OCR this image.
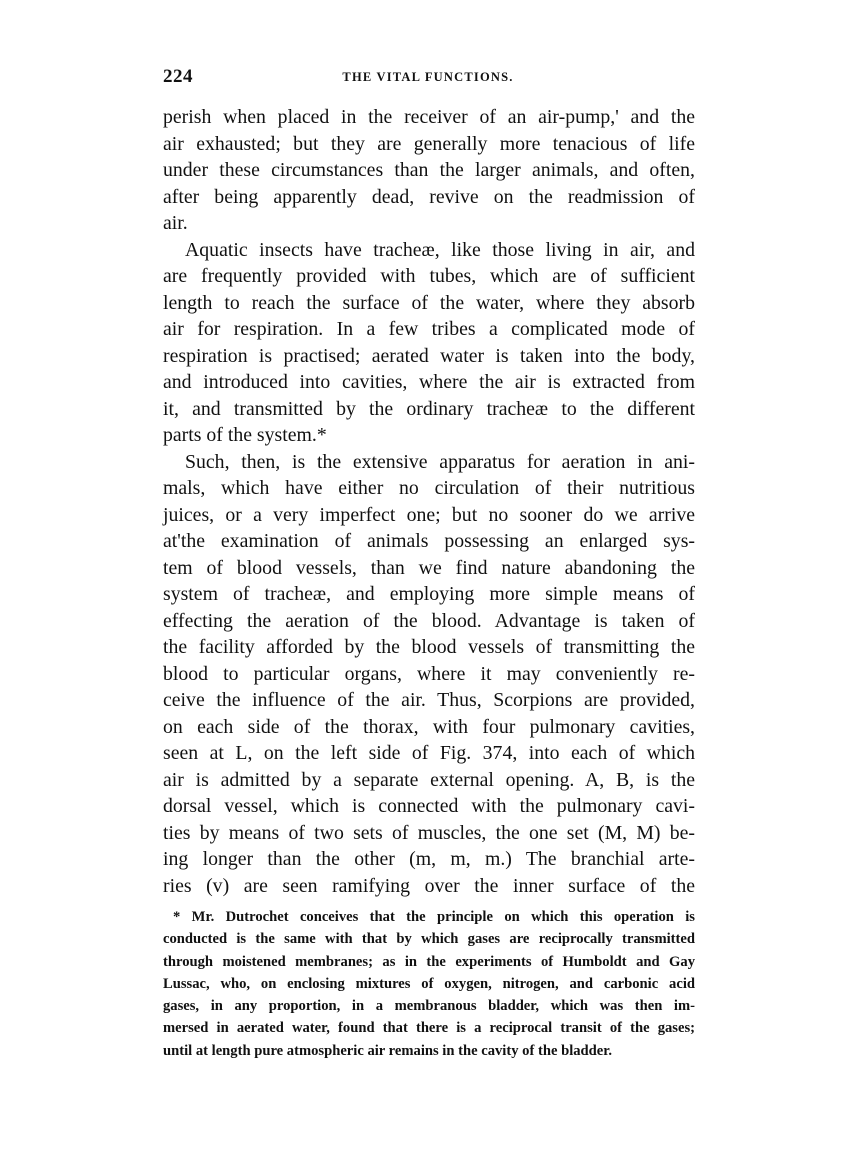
224	THE VITAL FUNCTIONS.
perish when placed in the receiver of an air-pump,' and the
air exhausted; but they are generally more tenacious of life
under these circumstances than the larger animals, and often,
after being apparently dead, revive on the readmission of
air.
Aquatic insects have tracheæ, like those living in air, and
are frequently provided with tubes, which are of sufficient
length to reach the surface of the water, where they absorb
air for respiration. In a few tribes a complicated mode of
respiration is practised; aerated water is taken into the body,
and introduced into cavities, where the air is extracted from
it, and transmitted by the ordinary tracheæ to the different
parts of the system.*
Such, then, is the extensive apparatus for aeration in ani-
mals, which have either no circulation of their nutritious
juices, or a very imperfect one; but no sooner do we arrive
at'the examination of animals possessing an enlarged sys-
tem of blood vessels, than we find nature abandoning the
system of tracheæ, and employing more simple means of
effecting the aeration of the blood. Advantage is taken of
the facility afforded by the blood vessels of transmitting the
blood to particular organs, where it may conveniently re-
ceive the influence of the air. Thus, Scorpions are provided,
on each side of the thorax, with four pulmonary cavities,
seen at L, on the left side of Fig. 374, into each of which
air is admitted by a separate external opening. A, B, is the
dorsal vessel, which is connected with the pulmonary cavi-
ties by means of two sets of muscles, the one set (M, M) be-
ing longer than the other (m, m, m.) The branchial arte-
ries (v) are seen ramifying over the inner surface of the
* Mr. Dutrochet conceives that the principle on which this operation is
conducted is the same with that by which gases are reciprocally transmitted
through moistened membranes; as in the experiments of Humboldt and Gay
Lussac, who, on enclosing mixtures of oxygen, nitrogen, and carbonic acid
gases, in any proportion, in a membranous bladder, which was then im-
mersed in aerated water, found that there is a reciprocal transit of the gases;
until at length pure atmospheric air remains in the cavity of the bladder.
